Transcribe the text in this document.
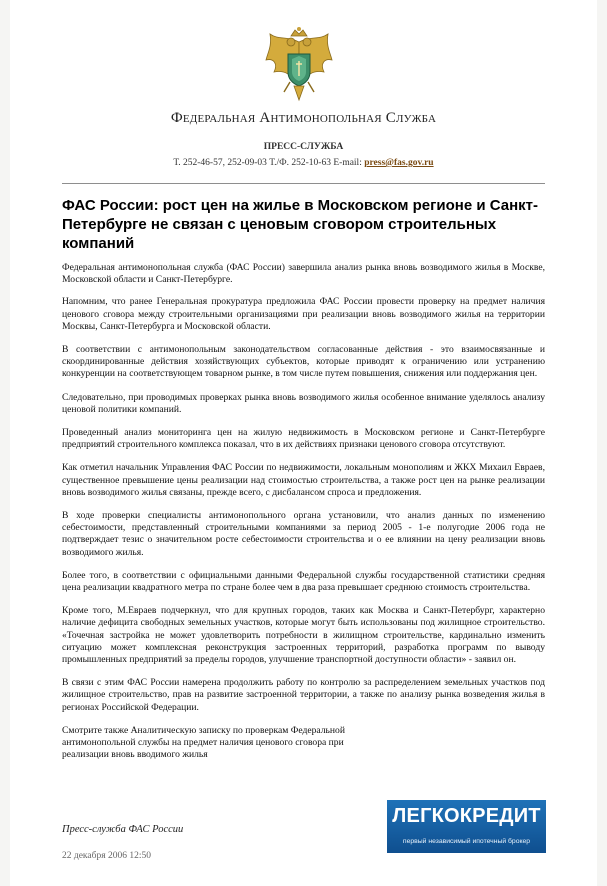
Федеральная Антимонопольная Служба
ПРЕСС-СЛУЖБА
Т. 252-46-57, 252-09-03 Т./Ф. 252-10-63 E-mail: press@fas.gov.ru
ФАС России: рост цен на жилье в Московском регионе и Санкт-Петербурге не связан с ценовым сговором строительных компаний

Федеральная антимонопольная служба (ФАС России) завершила анализ рынка вновь возводимого жилья в Москве, Московской области и Санкт-Петербурге.

Напомним, что ранее Генеральная прокуратура предложила ФАС России провести проверку на предмет наличия ценового сговора между строительными организациями при реализации вновь возводимого жилья на территории Москвы, Санкт-Петербурга и Московской области.

В соответствии с антимонопольным законодательством согласованные действия - это взаимосвязанные и скоординированные действия хозяйствующих субъектов, которые приводят к ограничению или устранению конкуренции на соответствующем товарном рынке, в том числе путем повышения, снижения или поддержания цен.

Следовательно, при проводимых проверках рынка вновь возводимого жилья особенное внимание уделялось анализу ценовой политики компаний.

Проведенный анализ мониторинга цен на жилую недвижимость в Московском регионе и Санкт-Петербурге предприятий строительного комплекса показал, что в их действиях признаки ценового сговора отсутствуют.

Как отметил начальник Управления ФАС России по недвижимости, локальным монополиям и ЖКХ Михаил Евраев, существенное превышение цены реализации над стоимостью строительства, а также рост цен на рынке реализации вновь возводимого жилья связаны, прежде всего, с дисбалансом спроса и предложения.

В ходе проверки специалисты антимонопольного органа установили, что анализ данных по изменению себестоимости, представленный строительными компаниями за период 2005 - 1-е полугодие 2006 года не подтверждает тезис о значительном росте себестоимости строительства и о ее влиянии на цену реализации вновь возводимого жилья.

Более того, в соответствии с официальными данными Федеральной службы государственной статистики средняя цена реализации квадратного метра по стране более чем в два раза превышает среднюю стоимость строительства.

Кроме того, М.Евраев подчеркнул, что для крупных городов, таких как Москва и Санкт-Петербург, характерно наличие дефицита свободных земельных участков, которые могут быть использованы под жилищное строительство. «Точечная застройка не может удовлетворить потребности в жилищном строительстве, кардинально изменить ситуацию может комплексная реконструкция застроенных территорий, разработка программ по выводу промышленных предприятий за пределы городов, улучшение транспортной доступности области» - заявил он.

В связи с этим ФАС России намерена продолжить работу по контролю за распределением земельных участков под жилищное строительство, прав на развитие застроенной территории, а также по анализу рынка возведения жилья в регионах Российской Федерации.

Смотрите также Аналитическую записку по проверкам Федеральной антимонопольной службы на предмет наличия ценового сговора при реализации вновь вводимого жилья

ЛЕГКОКРЕДИТ
первый независимый ипотечный брокер
Пресс-служба ФАС России
22 декабря 2006 12:50
